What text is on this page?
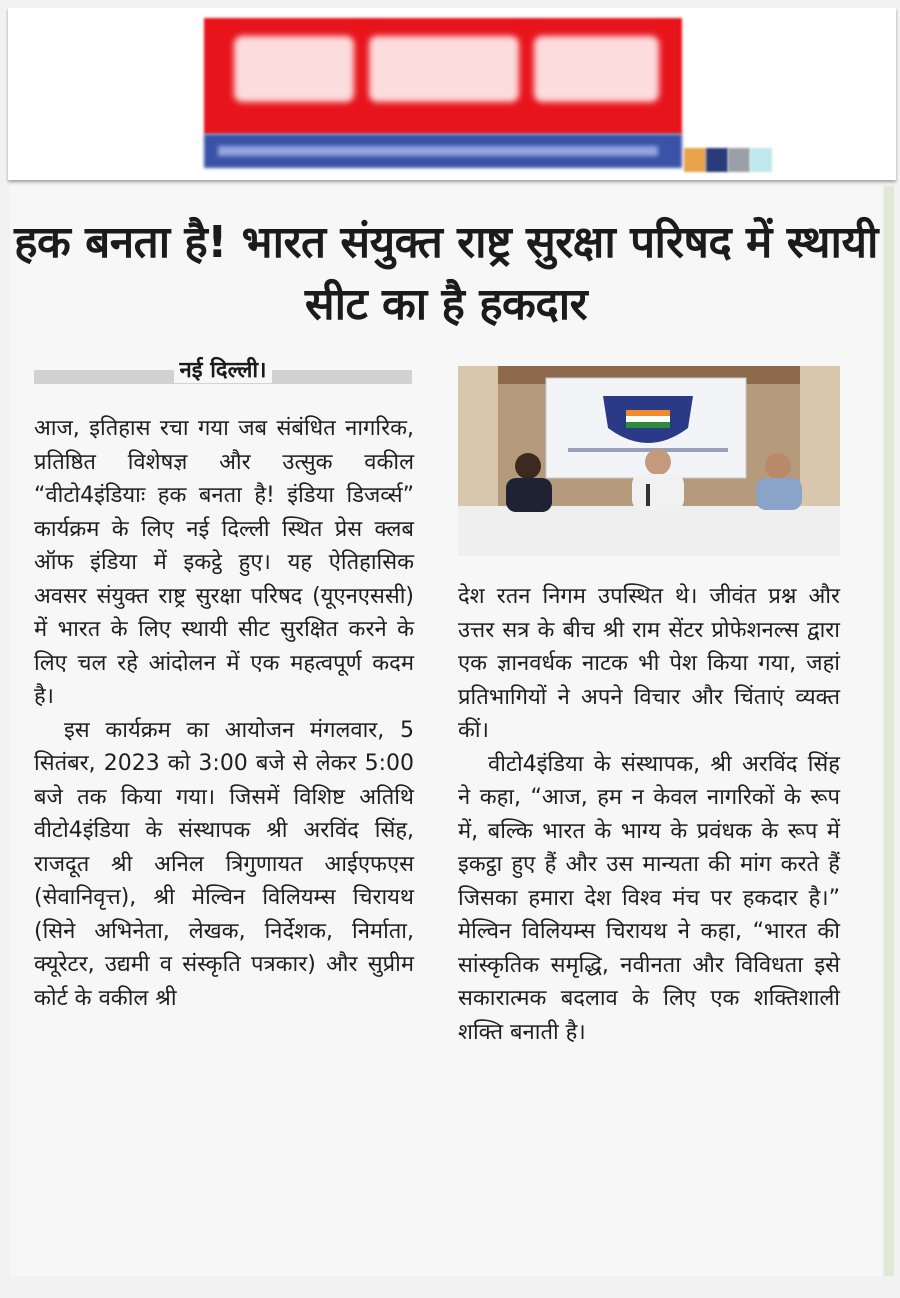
हक बनता है! भारत संयुक्त राष्ट्र सुरक्षा परिषद में स्थायी सीट का है हकदार
नई दिल्ली।

आज, इतिहास रचा गया जब संबंधित नागरिक, प्रतिष्ठित विशेषज्ञ और उत्सुक वकील “वीटो4इंडियाः हक बनता है! इंडिया डिजर्व्स” कार्यक्रम के लिए नई दिल्ली स्थित प्रेस क्लब ऑफ इंडिया में इकट्ठे हुए। यह ऐतिहासिक अवसर संयुक्त राष्ट्र सुरक्षा परिषद (यूएनएससी) में भारत के लिए स्थायी सीट सुरक्षित करने के लिए चल रहे आंदोलन में एक महत्वपूर्ण कदम है।

इस कार्यक्रम का आयोजन मंगलवार, 5 सितंबर, 2023 को 3:00 बजे से लेकर 5:00 बजे तक किया गया। जिसमें विशिष्ट अतिथि वीटो4इंडिया के संस्थापक श्री अरविंद सिंह, राजदूत श्री अनिल त्रिगुणायत आईएफएस (सेवानिवृत्त), श्री मेल्विन विलियम्स चिरायथ (सिने अभिनेता, लेखक, निर्देशक, निर्माता, क्यूरेटर, उद्यमी व संस्कृति पत्रकार) और सुप्रीम कोर्ट के वकील श्री

देश रतन निगम उपस्थित थे। जीवंत प्रश्न और उत्तर सत्र के बीच श्री राम सेंटर प्रोफेशनल्स द्वारा एक ज्ञानवर्धक नाटक भी पेश किया गया, जहां प्रतिभागियों ने अपने विचार और चिंताएं व्यक्त कीं।

वीटो4इंडिया के संस्थापक, श्री अरविंद सिंह ने कहा, “आज, हम न केवल नागरिकों के रूप में, बल्कि भारत के भाग्य के प्रवंधक के रूप में इकट्ठा हुए हैं और उस मान्यता की मांग करते हैं जिसका हमारा देश विश्व मंच पर हकदार है।” मेल्विन विलियम्स चिरायथ ने कहा, “भारत की सांस्कृतिक समृद्धि, नवीनता और विविधता इसे सकारात्मक बदलाव के लिए एक शक्तिशाली शक्ति बनाती है।
